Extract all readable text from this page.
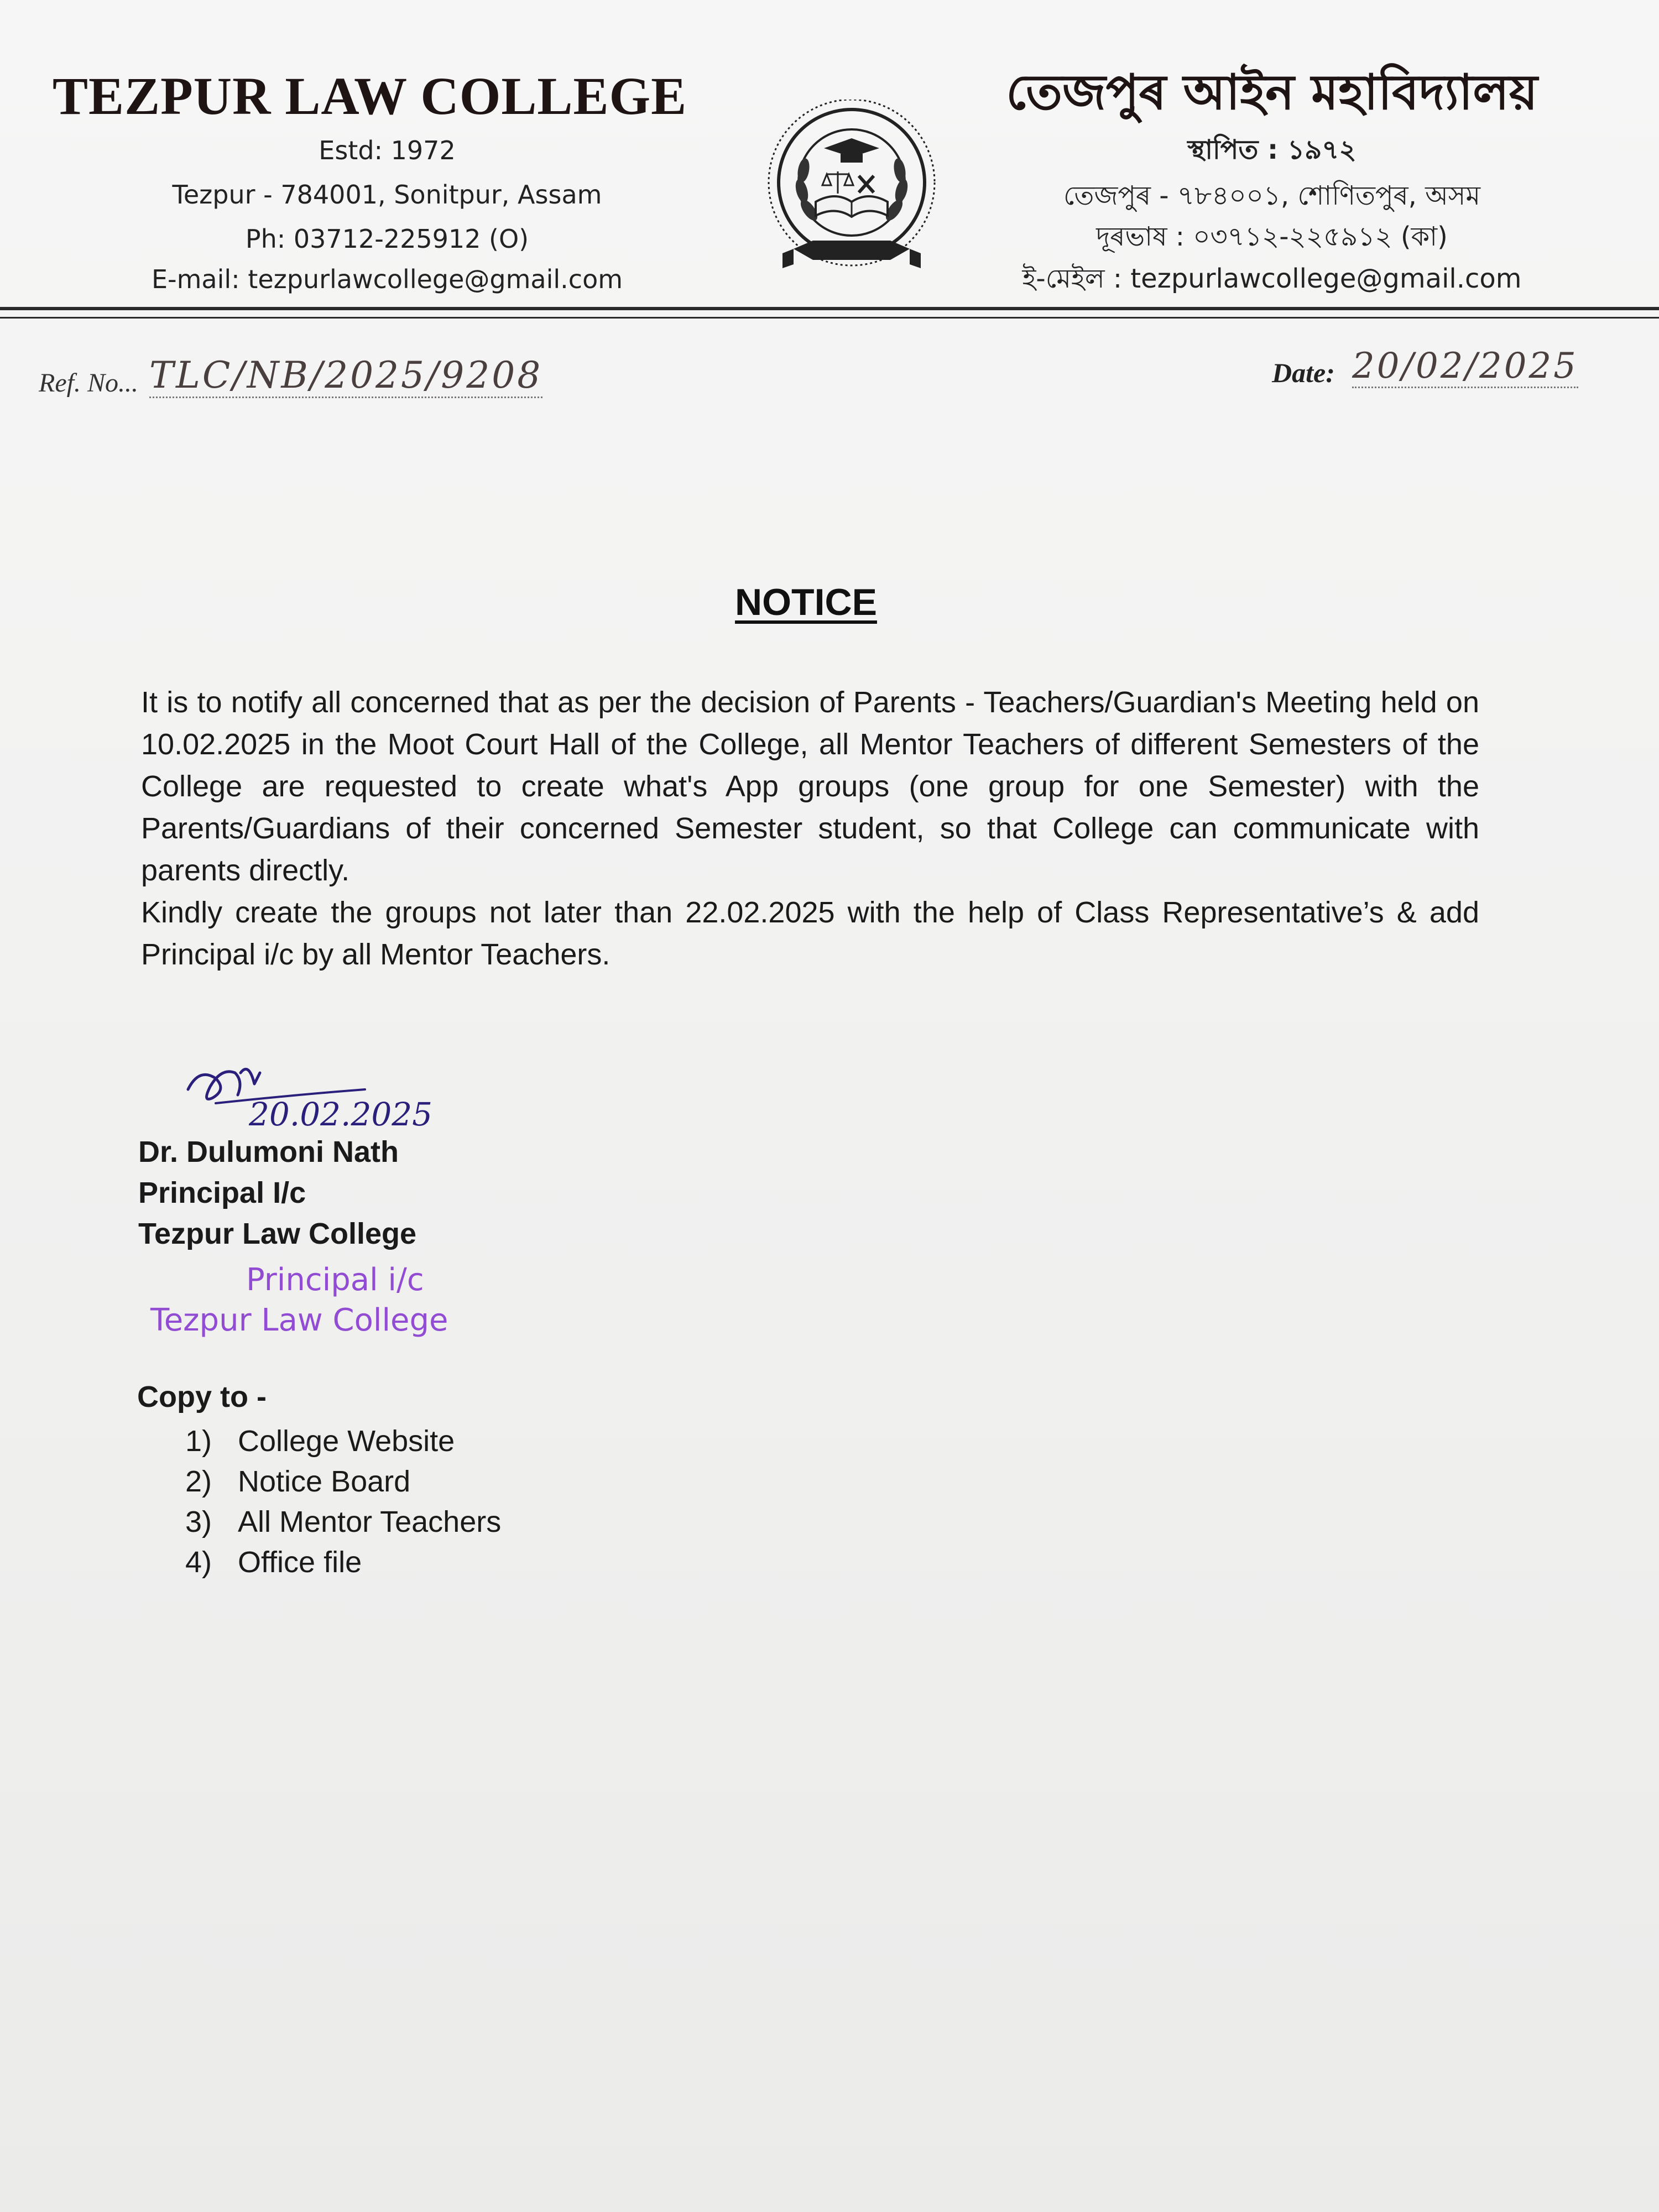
TEZPUR LAW COLLEGE
Estd: 1972
Tezpur - 784001, Sonitpur, Assam
Ph: 03712-225912 (O)
E-mail: tezpurlawcollege@gmail.com
তেজপুৰ আইন মহাবিদ্যালয়
স্থাপিত : ১৯৭২
তেজপুৰ - ৭৮৪০০১, শোণিতপুৰ, অসম
দূৰভাষ : ০৩৭১২-২২৫৯১২ (কা)
ই-মেইল : tezpurlawcollege@gmail.com
Ref. No... TLC/NB/2025/9208	Date: 20/02/2025
NOTICE

It is to notify all concerned that as per the decision of Parents - Teachers/Guardian's Meeting held on 10.02.2025 in the Moot Court Hall of the College, all Mentor Teachers of different Semesters of the College are requested to create what's App groups (one group for one Semester) with the Parents/Guardians of their concerned Semester student, so that College can communicate with parents directly.

Kindly create the groups not later than 22.02.2025 with the help of Class Representative’s & add Principal i/c by all Mentor Teachers.

20.02.2025
Dr. Dulumoni Nath
Principal I/c
Tezpur Law College
Principal i/c
Tezpur Law College
Copy to -
1) College Website
2) Notice Board
3) All Mentor Teachers
4) Office file
